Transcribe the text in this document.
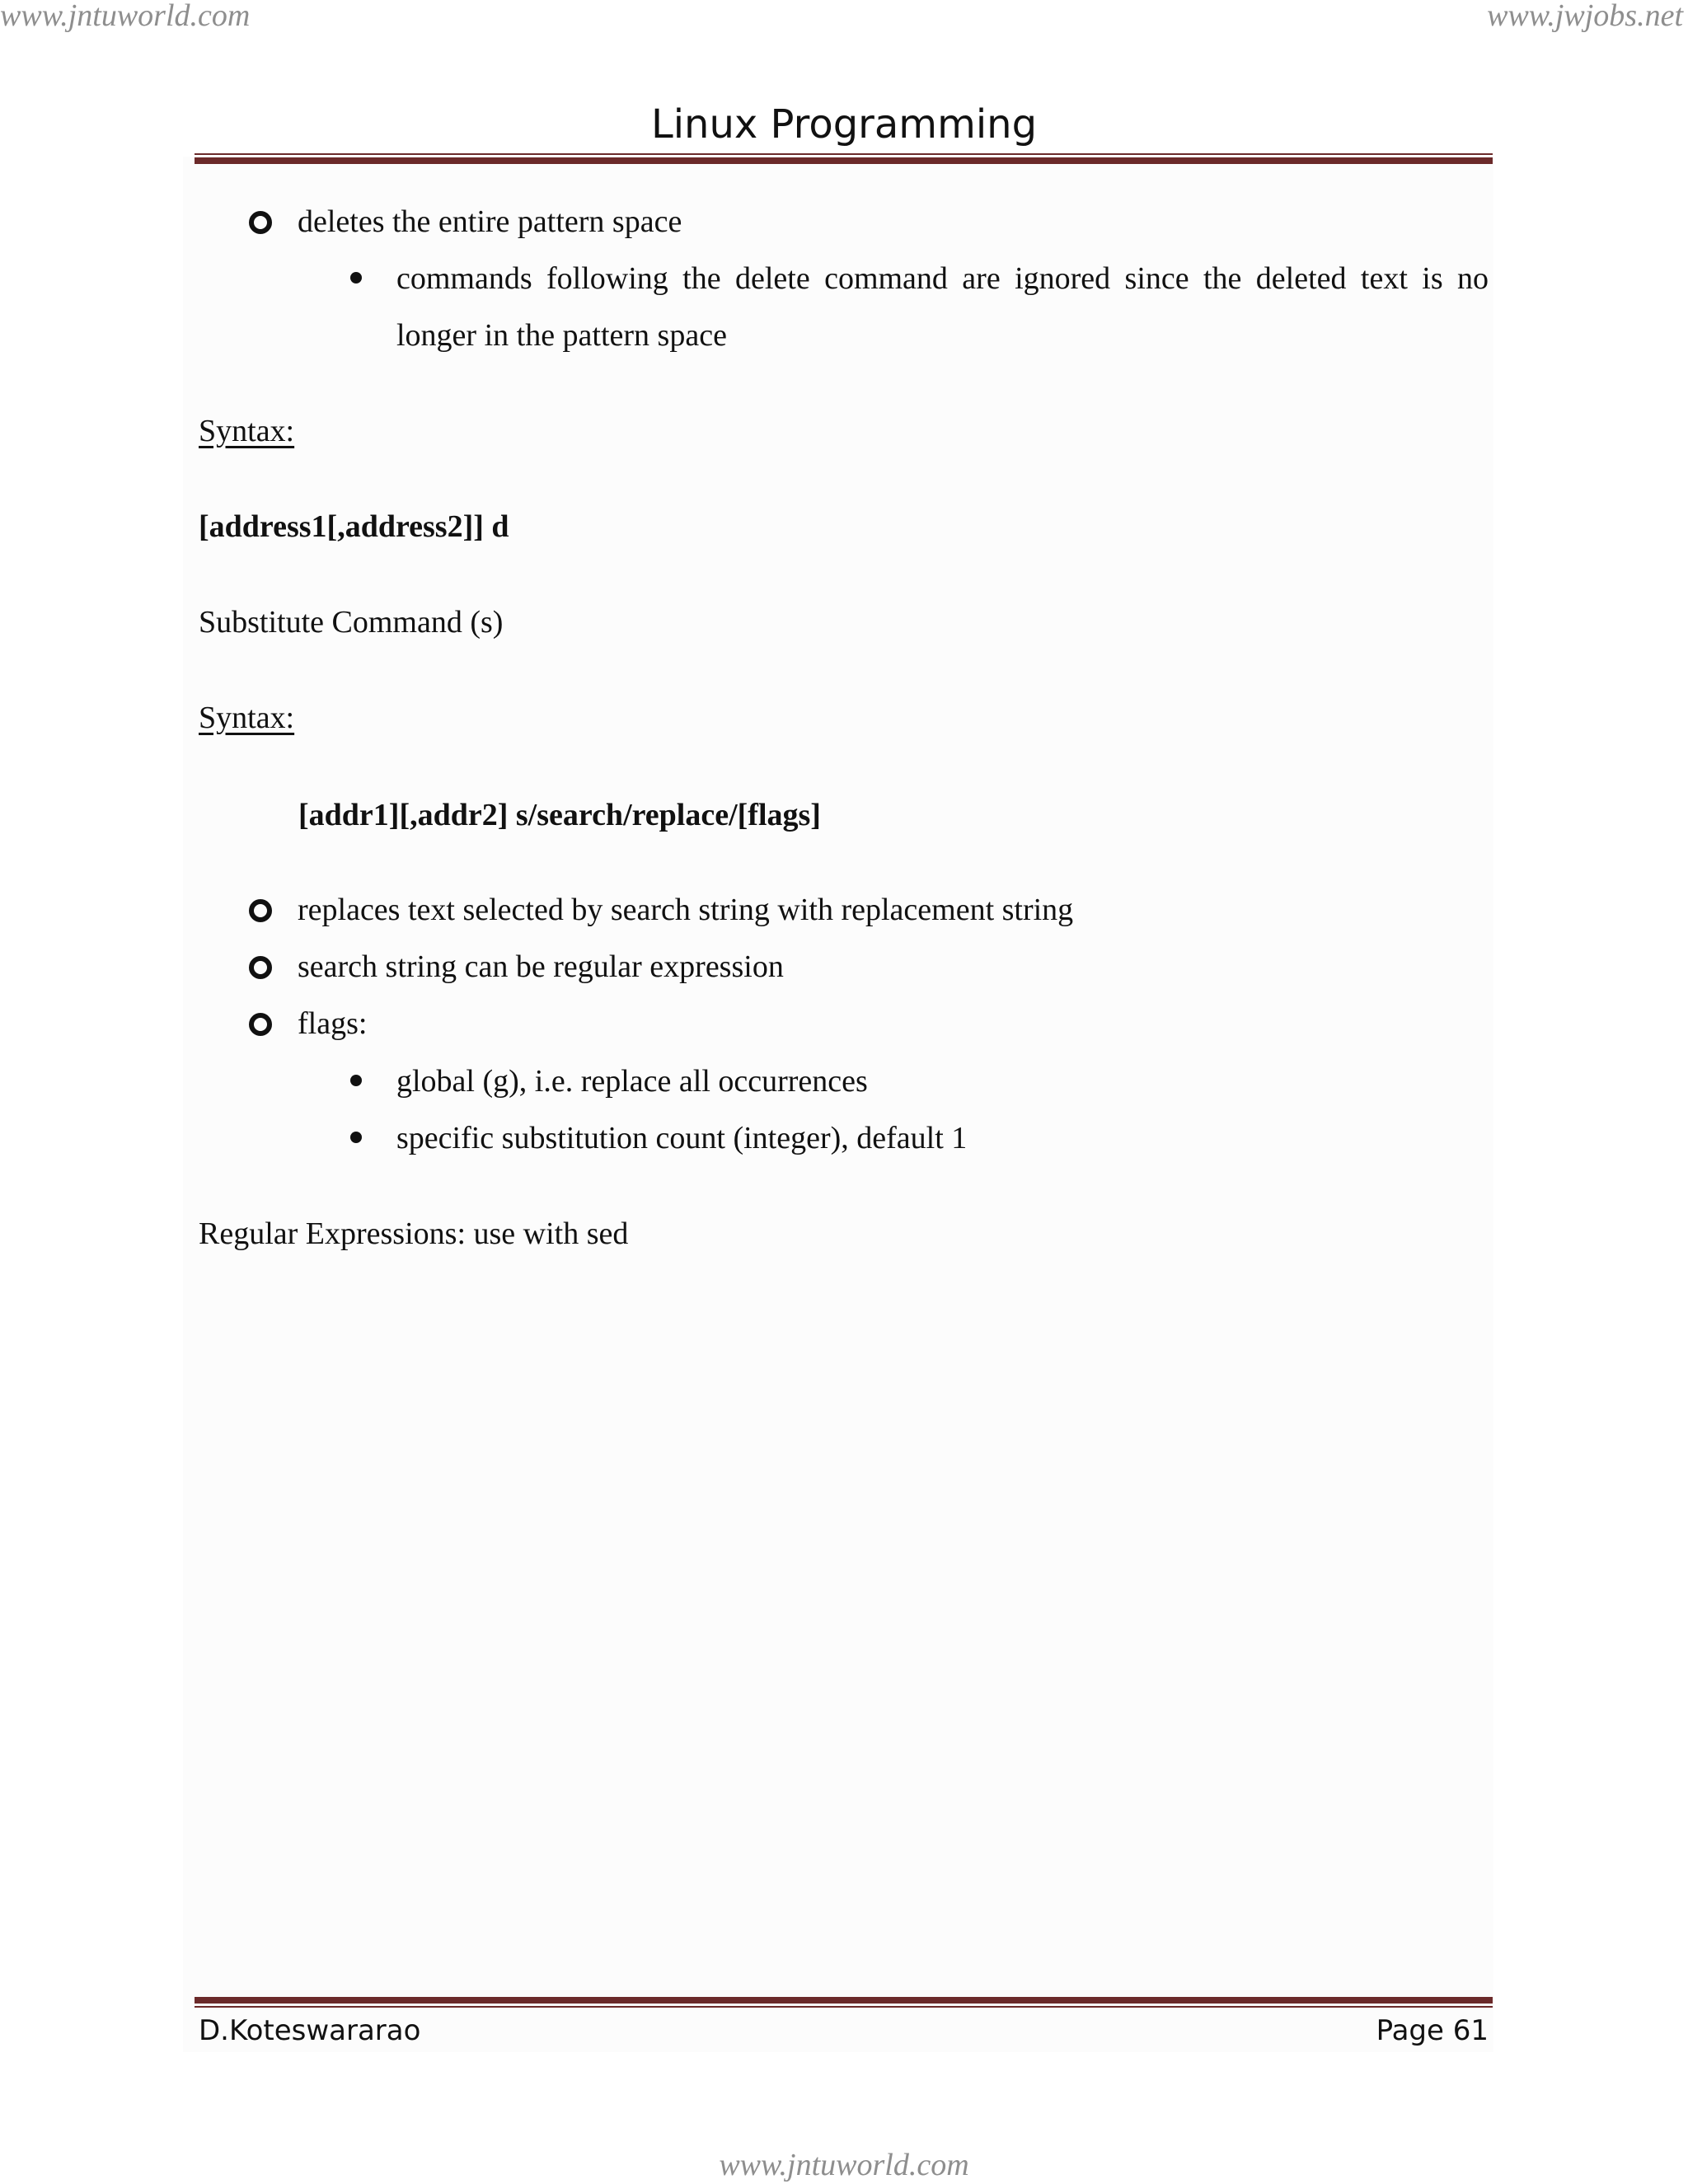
www.jntuworld.com	www.jwjobs.net
Linux Programming
deletes the entire pattern space
commands following the delete command are ignored since the deleted text is no
longer in the pattern space
Syntax:
[address1[,address2]] d
Substitute Command (s)
Syntax:
[addr1][,addr2] s/search/replace/[flags]
replaces text selected by search string with replacement string
search string can be regular expression
flags:
global (g), i.e. replace all occurrences
specific substitution count (integer), default 1
Regular Expressions: use with sed
D.Koteswararao	Page 61
www.jntuworld.com
